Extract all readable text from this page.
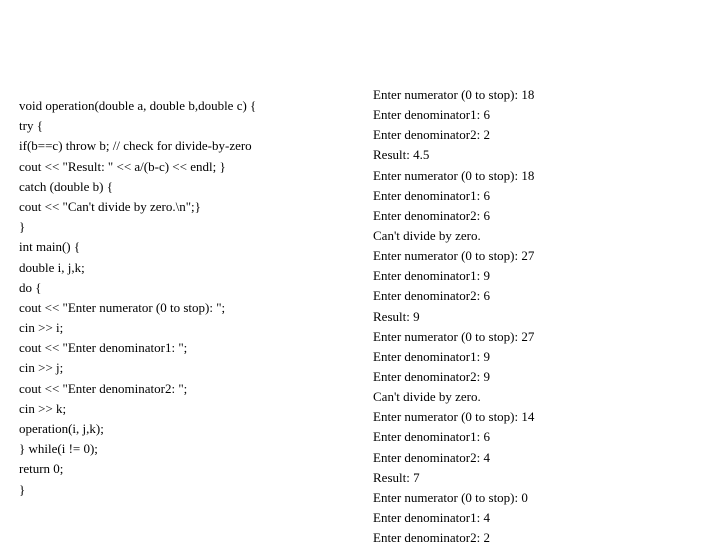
void operation(double a, double b,double c) {
try {
if(b==c) throw b; // check for divide-by-zero
cout << "Result: " << a/(b-c) << endl; }
catch (double b) {
cout << "Can't divide by zero.\n";}
}
int main() {
double i, j,k;
do {
cout << "Enter numerator (0 to stop): ";
cin >> i;
cout << "Enter denominator1: ";
cin >> j;
cout << "Enter denominator2: ";
cin >> k;
operation(i, j,k);
} while(i != 0);
return 0;
}
Enter numerator (0 to stop): 18
Enter denominator1: 6
Enter denominator2: 2
Result: 4.5
Enter numerator (0 to stop): 18
Enter denominator1: 6
Enter denominator2: 6
Can't divide by zero.
Enter numerator (0 to stop): 27
Enter denominator1: 9
Enter denominator2: 6
Result: 9
Enter numerator (0 to stop): 27
Enter denominator1: 9
Enter denominator2: 9
Can't divide by zero.
Enter numerator (0 to stop): 14
Enter denominator1: 6
Enter denominator2: 4
Result: 7
Enter numerator (0 to stop): 0
Enter denominator1: 4
Enter denominator2: 2
